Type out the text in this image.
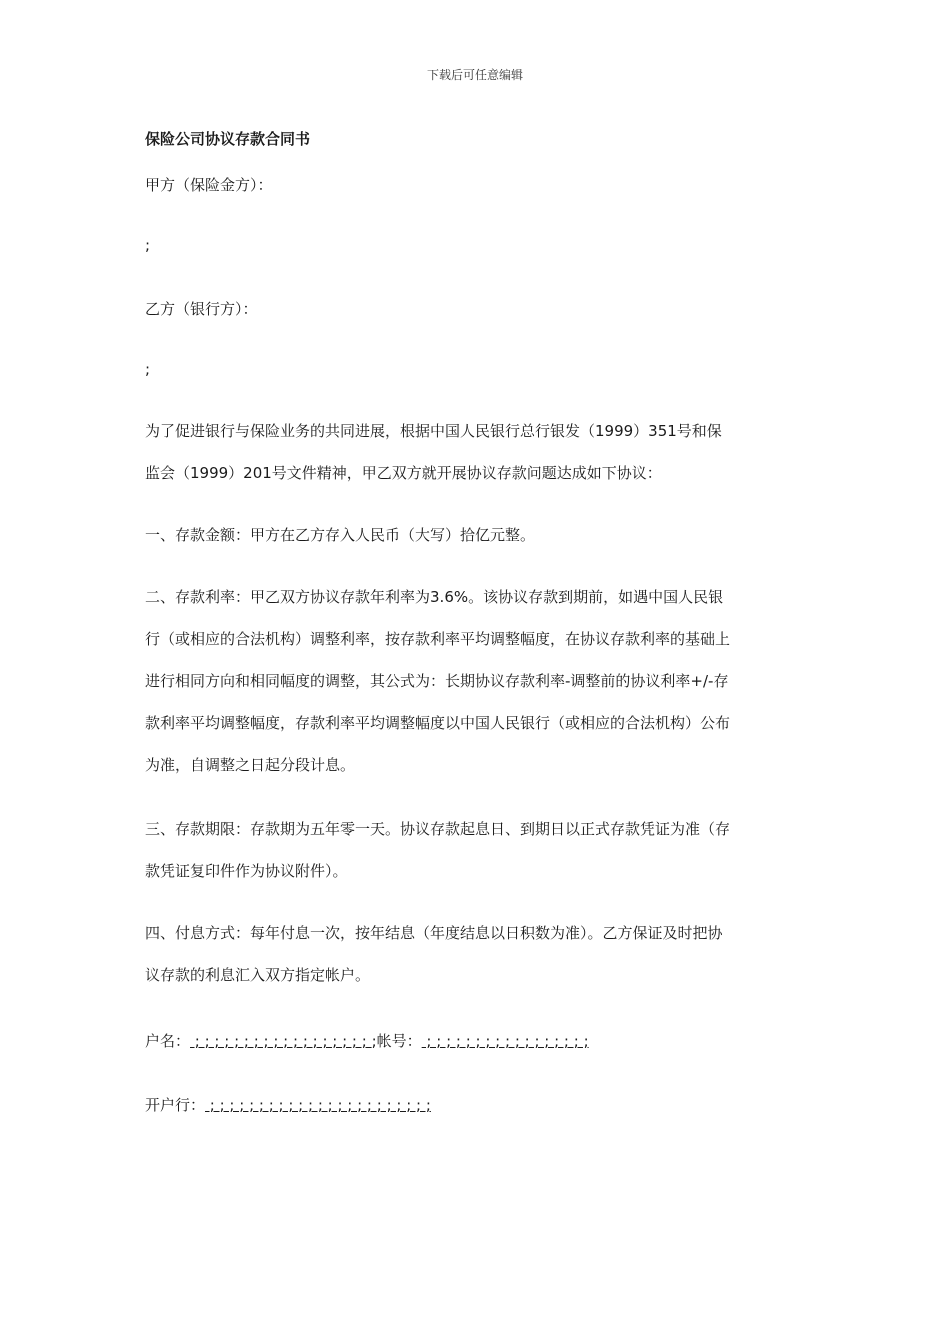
下载后可任意编辑
保险公司协议存款合同书
甲方（保险金方）：
;
乙方（银行方）：
;
为了促进银行与保险业务的共同进展，根据中国人民银行总行银发（1999）351号和保
监会（1999）201号文件精神，甲乙双方就开展协议存款问题达成如下协议：
一、存款金额：甲方在乙方存入人民币（大写）拾亿元整。
二、存款利率：甲乙双方协议存款年利率为3.6%。该协议存款到期前，如遇中国人民银
行（或相应的合法机构）调整利率，按存款利率平均调整幅度，在协议存款利率的基础上
进行相同方向和相同幅度的调整，其公式为：长期协议存款利率-调整前的协议利率+/-存
款利率平均调整幅度，存款利率平均调整幅度以中国人民银行（或相应的合法机构）公布
为准，自调整之日起分段计息。
三、存款期限：存款期为五年零一天。协议存款起息日、到期日以正式存款凭证为准（存
款凭证复印件作为协议附件）。
四、付息方式：每年付息一次，按年结息（年度结息以日积数为准）。乙方保证及时把协
议存款的利息汇入双方指定帐户。
户名： ; ; ; ; ; ; ; ; ; ; ; ; ; ; ; ; ; ; ;帐号： ; ; ; ; ; ; ; ; ; ; ; ; ; ; ; ; ;
开户行： ; ; ; ; ; ; ; ; ; ; ; ; ; ; ; ; ; ; ; ; ; ; ;
